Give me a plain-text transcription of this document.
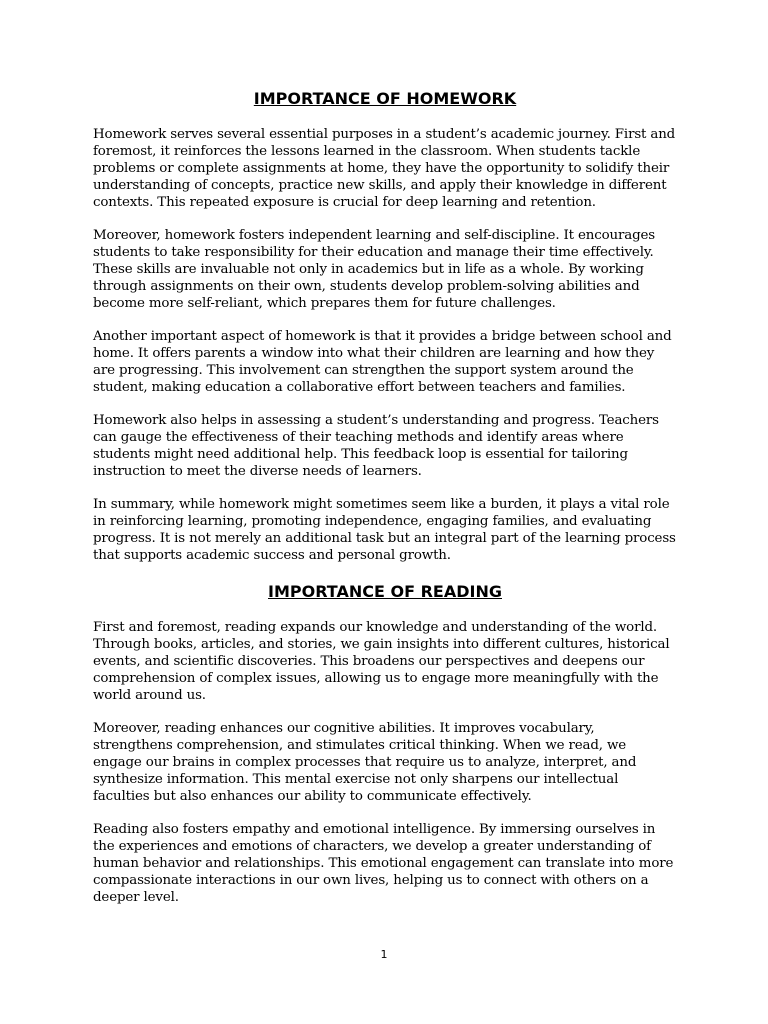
IMPORTANCE OF HOMEWORK

Homework serves several essential purposes in a student’s academic journey. First and foremost, it reinforces the lessons learned in the classroom. When students tackle problems or complete assignments at home, they have the opportunity to solidify their understanding of concepts, practice new skills, and apply their knowledge in different contexts. This repeated exposure is crucial for deep learning and retention.

Moreover, homework fosters independent learning and self-discipline. It encourages students to take responsibility for their education and manage their time effectively. These skills are invaluable not only in academics but in life as a whole. By working through assignments on their own, students develop problem-solving abilities and become more self-reliant, which prepares them for future challenges.

Another important aspect of homework is that it provides a bridge between school and home. It offers parents a window into what their children are learning and how they are progressing. This involvement can strengthen the support system around the student, making education a collaborative effort between teachers and families.

Homework also helps in assessing a student’s understanding and progress. Teachers can gauge the effectiveness of their teaching methods and identify areas where students might need additional help. This feedback loop is essential for tailoring instruction to meet the diverse needs of learners.

In summary, while homework might sometimes seem like a burden, it plays a vital role in reinforcing learning, promoting independence, engaging families, and evaluating progress. It is not merely an additional task but an integral part of the learning process that supports academic success and personal growth.

IMPORTANCE OF READING

First and foremost, reading expands our knowledge and understanding of the world. Through books, articles, and stories, we gain insights into different cultures, historical events, and scientific discoveries. This broadens our perspectives and deepens our comprehension of complex issues, allowing us to engage more meaningfully with the world around us.

Moreover, reading enhances our cognitive abilities. It improves vocabulary, strengthens comprehension, and stimulates critical thinking. When we read, we engage our brains in complex processes that require us to analyze, interpret, and synthesize information. This mental exercise not only sharpens our intellectual faculties but also enhances our ability to communicate effectively.

Reading also fosters empathy and emotional intelligence. By immersing ourselves in the experiences and emotions of characters, we develop a greater understanding of human behavior and relationships. This emotional engagement can translate into more compassionate interactions in our own lives, helping us to connect with others on a deeper level.

1
